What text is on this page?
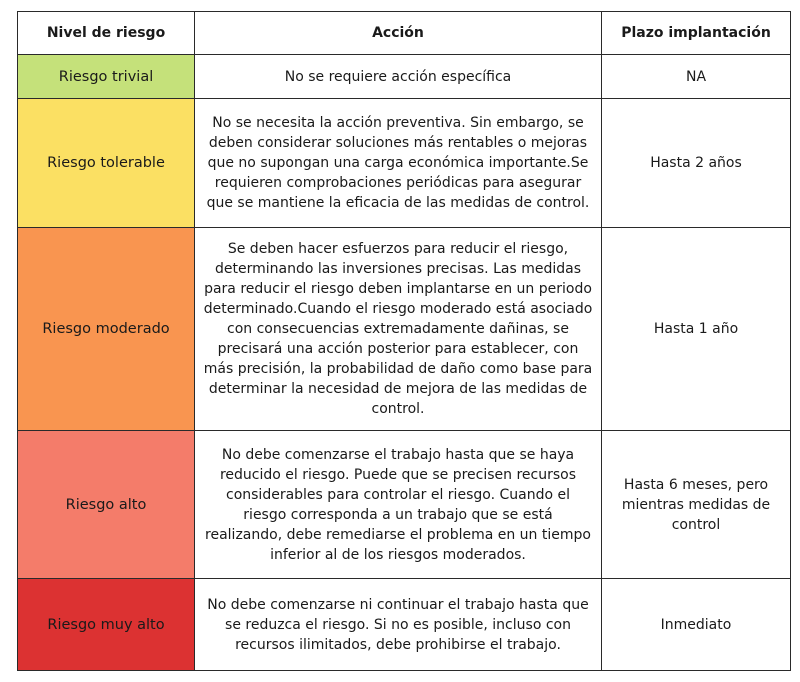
Nivel de riesgo	Acción	Plazo implantación
Riesgo trivial	No se requiere acción específica	NA
Riesgo tolerable	No se necesita la acción preventiva. Sin embargo, se deben considerar soluciones más rentables o mejoras que no supongan una carga económica importante.Se requieren comprobaciones periódicas para asegurar que se mantiene la eficacia de las medidas de control.	Hasta 2 años
Riesgo moderado	Se deben hacer esfuerzos para reducir el riesgo, determinando las inversiones precisas. Las medidas para reducir el riesgo deben implantarse en un periodo determinado.Cuando el riesgo moderado está asociado con consecuencias extremadamente dañinas, se precisará una acción posterior para establecer, con más precisión, la probabilidad de daño como base para determinar la necesidad de mejora de las medidas de control.	Hasta 1 año
Riesgo alto	No debe comenzarse el trabajo hasta que se haya reducido el riesgo. Puede que se precisen recursos considerables para controlar el riesgo. Cuando el riesgo corresponda a un trabajo que se está realizando, debe remediarse el problema en un tiempo inferior al de los riesgos moderados.	Hasta 6 meses, pero mientras medidas de control
Riesgo muy alto	No debe comenzarse ni continuar el trabajo hasta que se reduzca el riesgo. Si no es posible, incluso con recursos ilimitados, debe prohibirse el trabajo.	Inmediato
